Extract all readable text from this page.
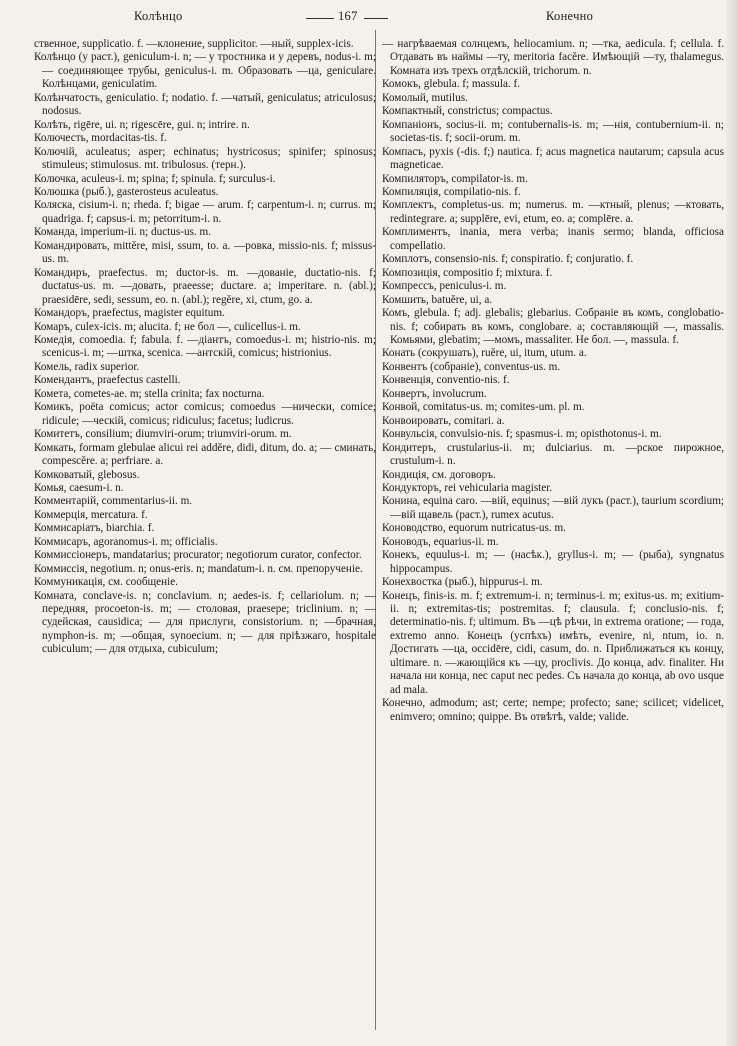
Колѣнцо	167	Конечно

ственное, supplicatio. f. —клонение, supplicitor. —ный, supplex-icis.

Колѣнцо (у раст.), geniculum-i. n; — у тростника и у деревъ, nodus-i. m; — соединяющее трубы, geniculus-i. m. Образовать —ца, geniculare. Колѣнцами, geniculatim.

Колѣнчатость, geniculatio. f; nodatio. f. —чатый, geniculatus; atriculosus; nodosus.

Колѣть, rigēre, ui. n; rigescēre, gui. n; intrire. n.

Колючесть, mordacitas-tis. f.

Колючій, aculeatus; asper; echinatus; hystricosus; spinifer; spinosus; stimuleus; stimulosus. mt. tribulosus. (терн.).

Колючка, aculeus-i. m; spina; f; spinula. f; surculus-i.

Колюшка (рыб.), gasterosteus aculeatus.

Коляска, cisium-i. n; rheda. f; bigae — arum. f; carpentum-i. n; currus. m; quadriga. f; capsus-i. m; petorritum-i. n.

Команда, imperium-ii. n; ductus-us. m.

Командировать, mittĕre, misi, ssum, to. a. —ровка, missio-nis. f; missus-us. m.

Командиръ, praefectus. m; ductor-is. m. —дованіе, ductatio-nis. f; ductatus-us. m. —довать, praeesse; ductare. a; imperitare. n. (abl.); praesidēre, sedi, sessum, eo. n. (abl.); regĕre, xi, ctum, go. a.

Командоръ, praefectus, magister equitum.

Комаръ, culex-icis. m; alucita. f; не бол —, culicellus-i. m.

Комедія, comoedia. f; fabula. f. —діантъ, comoedus-i. m; histrio-nis. m; scenicus-i. m; —штка, scenica. —антскій, comicus; histrionius.

Комель, radix superior.

Комендантъ, praefectus castelli.

Комета, cometes-ae. m; stella crinita; fax nocturna.

Комикъ, poëta comicus; actor comicus; comoedus —нически, comice; ridicule; —ческій, comicus; ridiculus; facetus; ludicrus.

Комитетъ, consilium; diumviri-orum; triumviri-orum. m.

Комкать, formam glebulae alicui rei addĕre, didi, ditum, do. a; — сминать, compescĕre. a; perfriare. a.

Комковатый, glebosus.

Комья, caesum-i. n.

Комментарій, commentarius-ii. m.

Коммерція, mercatura. f.

Коммисаріатъ, biarchia. f.

Коммисаръ, agoranomus-i. m; officialis.

Коммиссіонеръ, mandatarius; procurator; negotiorum curator, confector.

Коммиссія, negotium. n; onus-eris. n; mandatum-i. n. см. препорученіе.

Коммуникація, см. сообщеніе.

Комната, conclave-is. n; conclavium. n; aedes-is. f; cellariolum. n; — передняя, procoeton-is. m; — столовая, praesepe; triclinium. n; — судейская, causidica; — для прислуги, consistorium. n; —брачная, nymphon-is. m; —общая, synoecium. n; — для пріѣзжаго, hospitale cubiculum; — для отдыха, cubiculum;

— нагрѣваемая солнцемъ, heliocamium. n; —тка, aedicula. f; cellula. f. Отдавать въ наймы —ту, meritoria facĕre. Имѣющій —ту, thalamegus. Комната изъ трехъ отдѣлскій, trichorum. n.

Комокъ, glebula. f; massula. f.

Комолый, mutilus.

Компактный, constrictus; compactus.

Компаніонъ, socius-ii. m; contubernalis-is. m; —нія, contubernium-ii. n; societas-tis. f; socii-orum. m.

Компасъ, pyxis (-dis. f;) nautica. f; acus magnetica nautarum; capsula acus magneticae.

Компиляторъ, compilator-is. m.

Компиляція, compilatio-nis. f.

Комплектъ, completus-us. m; numerus. m. —ктный, plenus; —ктовать, redintegrare. a; supplēre, evi, etum, eo. a; complēre. a.

Комплиментъ, inania, mera verba; inanis sermo; blanda, officiosa compellatio.

Комплотъ, consensio-nis. f; conspiratio. f; conjuratio. f.

Композиція, compositio f; mixtura. f.

Компрессъ, peniculus-i. m.

Комшить, batuĕre, ui, a.

Комъ, glebula. f; adj. glebalis; glebarius. Собраніе въ комъ, conglobatio-nis. f; собирать въ комъ, conglobare. a; составляющій —, massalis. Комьями, glebatim; —момъ, massaliter. Не бол. —, massula. f.

Конать (сокрушать), ruĕre, ui, itum, utum. a.

Конвентъ (собраніе), conventus-us. m.

Конвенція, conventio-nis. f.

Конвертъ, involucrum.

Конвой, comitatus-us. m; comites-um. pl. m.

Конвоировать, comitari. a.

Конвульсія, convulsio-nis. f; spasmus-i. m; opisthotonus-i. m.

Кондитеръ, crustularius-ii. m; dulciarius. m. —рское пирожное, crustulum-i. n.

Кондиція, см. договоръ.

Кондукторъ, rei vehicularia magister.

Конина, equina caro. —вій, equinus; —вій лукъ (раст.), taurium scordium; —вій щавель (раст.), rumex acutus.

Коноводство, equorum nutricatus-us. m.

Коноводъ, equarius-ii. m.

Конекъ, equulus-i. m; — (насѣк.), gryllus-i. m; — (рыба), syngnatus hippocampus.

Конехвостка (рыб.), hippurus-i. m.

Конецъ, finis-is. m. f; extremum-i. n; terminus-i. m; exitus-us. m; exitium-ii. n; extremitas-tis; postremitas. f; clausula. f; conclusio-nis. f; determinatio-nis. f; ultimum. Въ —цѣ рѣчи, in extrema oratione; — года, extremo anno. Конецъ (успѣхъ) имѣть, evenire, ni, ntum, io. n. Достигать —ца, occidēre, cidi, casum, do. n. Приближаться къ концу, ultimare. n. —жающійся къ —цу, proclivis. До конца, adv. finaliter. Ни начала ни конца, nec caput nec pedes. Съ начала до конца, ab ovo usque ad mala.

Конечно, admodum; ast; certe; nempe; profecto; sane; scilicet; videlicet, enimvero; omnino; quippe. Въ отвѣтѣ, valde; valide.
